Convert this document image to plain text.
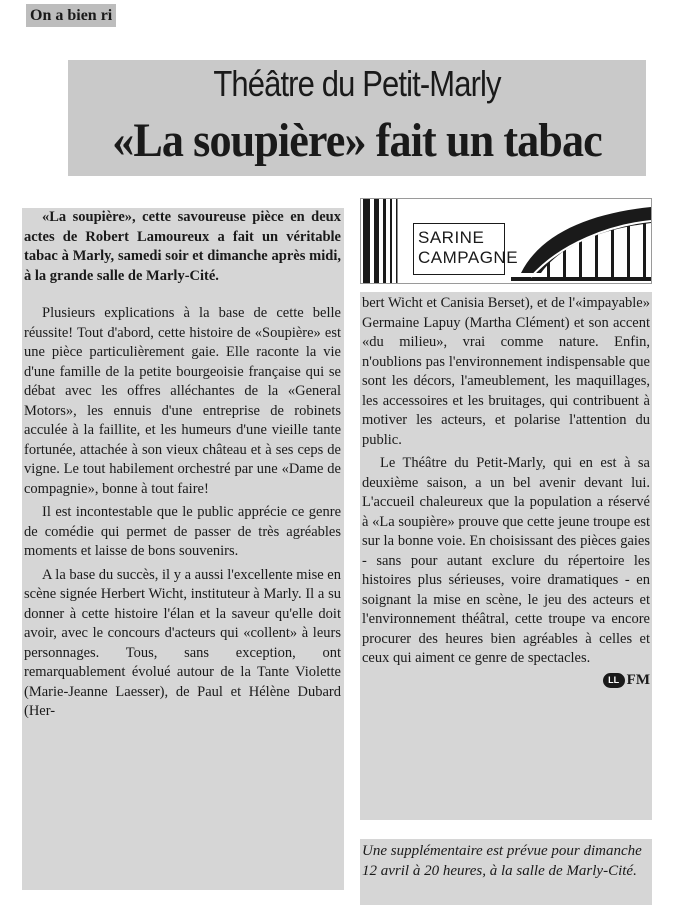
On a bien ri
Théâtre du Petit-Marly
«La soupière» fait un tabac

«La soupière», cette savoureuse pièce en deux actes de Robert Lamoureux a fait un véritable tabac à Marly, samedi soir et dimanche après midi, à la grande salle de Marly-Cité.

Plusieurs explications à la base de cette belle réussite! Tout d'abord, cette histoire de «Soupière» est une pièce particulièrement gaie. Elle raconte la vie d'une famille de la petite bourgeoisie française qui se débat avec les offres alléchantes de la «General Motors», les ennuis d'une entreprise de robinets acculée à la faillite, et les humeurs d'une vieille tante fortunée, attachée à son vieux château et à ses ceps de vigne. Le tout habilement orchestré par une «Dame de compagnie», bonne à tout faire!

Il est incontestable que le public apprécie ce genre de comédie qui permet de passer de très agréables moments et laisse de bons souvenirs.

A la base du succès, il y a aussi l'excellente mise en scène signée Herbert Wicht, instituteur à Marly. Il a su donner à cette histoire l'élan et la saveur qu'elle doit avoir, avec le concours d'acteurs qui «collent» à leurs personnages. Tous, sans exception, ont remarquablement évolué autour de la Tante Violette (Marie-Jeanne Laesser), de Paul et Hélène Dubard (Her-

SARINE
CAMPAGNE

bert Wicht et Canisia Berset), et de l'«impayable» Germaine Lapuy (Martha Clément) et son accent «du milieu», vrai comme nature. Enfin, n'oublions pas l'environnement indispensable que sont les décors, l'ameublement, les maquillages, les accessoires et les bruitages, qui contribuent à motiver les acteurs, et polarise l'attention du public.

Le Théâtre du Petit-Marly, qui en est à sa deuxième saison, a un bel avenir devant lui. L'accueil chaleureux que la population a réservé à «La soupière» prouve que cette jeune troupe est sur la bonne voie. En choisissant des pièces gaies - sans pour autant exclure du répertoire les histoires plus sérieuses, voire dramatiques - en soignant la mise en scène, le jeu des acteurs et l'environnement théâtral, cette troupe va encore procurer des heures bien agréables à celles et ceux qui aiment ce genre de spectacles.

LL FM
Une supplémentaire est prévue pour dimanche 12 avril à 20 heures, à la salle de Marly-Cité.
